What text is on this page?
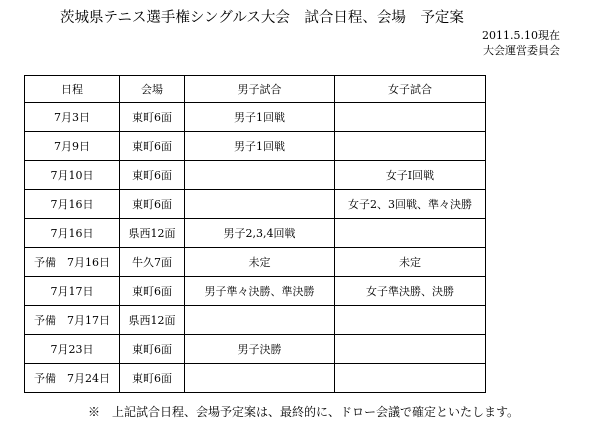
茨城県テニス選手権シングルス大会　試合日程、会場　予定案
2011.5.10現在
大会運営委員会
日程	会場	男子試合	女子試合
7月3日	東町6面	男子1回戦	
7月9日	東町6面	男子1回戦	
7月10日	東町6面		女子Ⅰ回戦
7月16日	東町6面		女子2、3回戦、準々決勝
7月16日	県西12面	男子2,3,4回戦	
予備　7月16日	牛久7面	未定	未定
7月17日	東町6面	男子準々決勝、準決勝	女子準決勝、決勝
予備　7月17日	県西12面		
7月23日	東町6面	男子決勝	
予備　7月24日	東町6面		
※　上記試合日程、会場予定案は、最終的に、ドロー会議で確定といたします。
